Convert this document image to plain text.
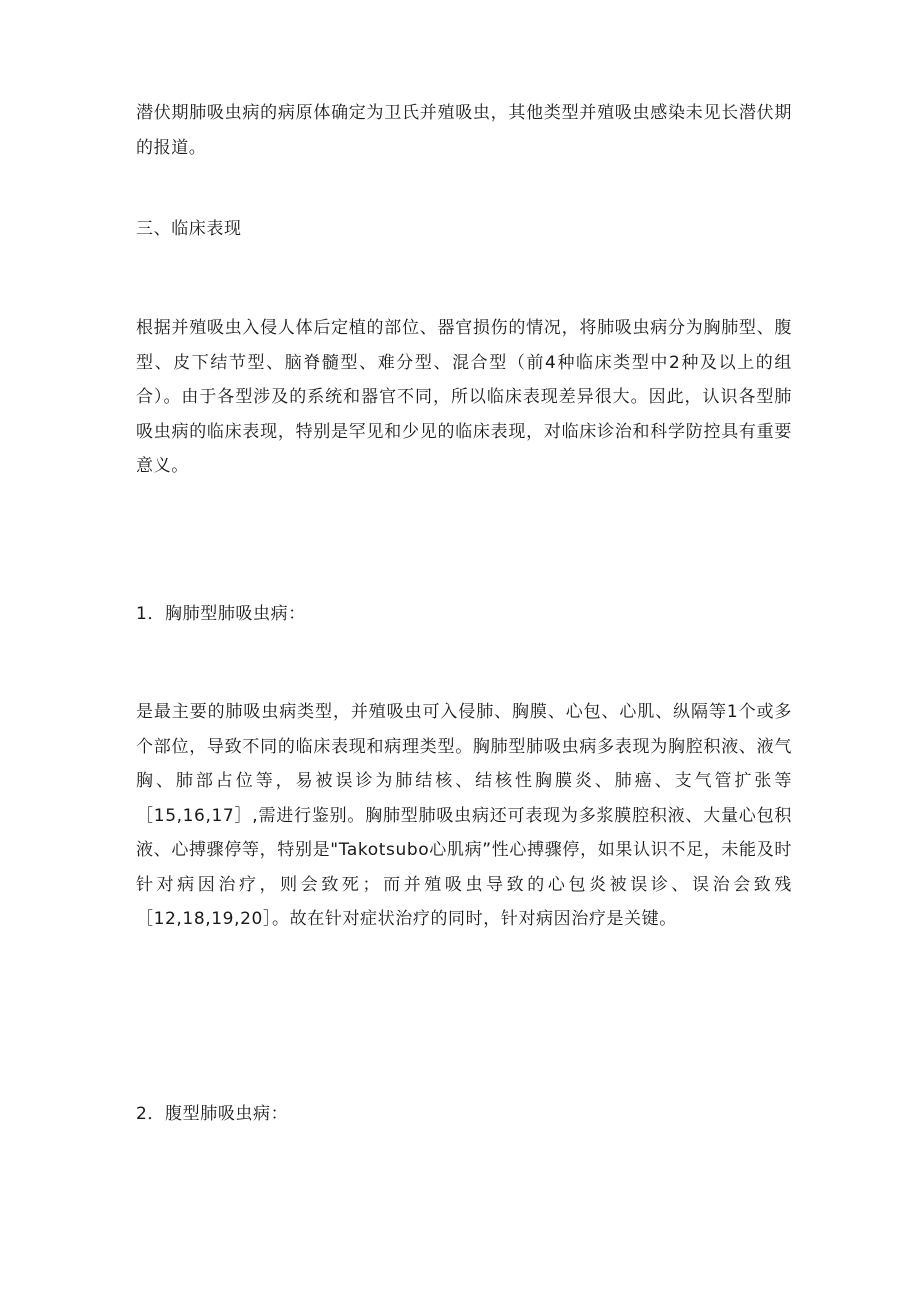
潜伏期肺吸虫病的病原体确定为卫氏并殖吸虫，其他类型并殖吸虫感染未见长潜伏期的报道。

三、临床表现

根据并殖吸虫入侵人体后定植的部位、器官损伤的情况，将肺吸虫病分为胸肺型、腹型、皮下结节型、脑脊髓型、难分型、混合型（前4种临床类型中2种及以上的组合）。由于各型涉及的系统和器官不同，所以临床表现差异很大。因此，认识各型肺吸虫病的临床表现，特别是罕见和少见的临床表现，对临床诊治和科学防控具有重要意义。

1．胸肺型肺吸虫病：

是最主要的肺吸虫病类型，并殖吸虫可入侵肺、胸膜、心包、心肌、纵隔等1个或多个部位，导致不同的临床表现和病理类型。胸肺型肺吸虫病多表现为胸腔积液、液气胸、肺部占位等，易被误诊为肺结核、结核性胸膜炎、肺癌、支气管扩张等［15,16,17］,需进行鉴别。胸肺型肺吸虫病还可表现为多浆膜腔积液、大量心包积液、心搏骤停等，特别是"Takotsubo心肌病”性心搏骤停，如果认识不足，未能及时针对病因治疗，则会致死；而并殖吸虫导致的心包炎被误诊、误治会致残［12,18,19,20］。故在针对症状治疗的同时，针对病因治疗是关键。

2．腹型肺吸虫病：
